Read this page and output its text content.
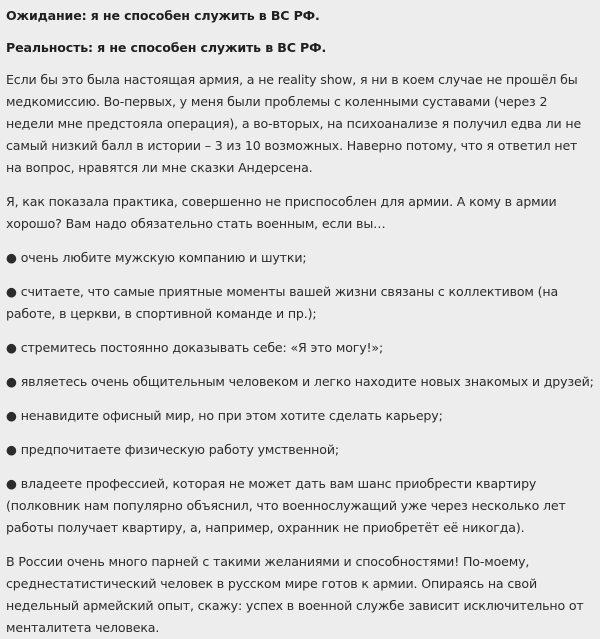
Ожидание: я не способен служить в ВС РФ.

Реальность: я не способен служить в ВС РФ.

Если бы это была настоящая армия, а не reality show, я ни в коем случае не прошёл бы медкомиссию. Во-первых, у меня были проблемы с коленными суставами (через 2 недели мне предстояла операция), а во-вторых, на психоанализе я получил едва ли не самый низкий балл в истории – 3 из 10 возможных. Наверно потому, что я ответил нет на вопрос, нравятся ли мне сказки Андерсена.

Я, как показала практика, совершенно не приспособлен для армии. А кому в армии хорошо? Вам надо обязательно стать военным, если вы…

● очень любите мужскую компанию и шутки;

● считаете, что самые приятные моменты вашей жизни связаны с коллективом (на работе, в церкви, в спортивной команде и пр.);

● стремитесь постоянно доказывать себе: «Я это могу!»;

● являетесь очень общительным человеком и легко находите новых знакомых и друзей;

● ненавидите офисный мир, но при этом хотите сделать карьеру;

● предпочитаете физическую работу умственной;

● владеете профессией, которая не может дать вам шанс приобрести квартиру (полковник нам популярно объяснил, что военнослужащий уже через несколько лет работы получает квартиру, а, например, охранник не приобретёт её никогда).

В России очень много парней с такими желаниями и способностями! По-моему, среднестатистический человек в русском мире готов к армии. Опираясь на свой недельный армейский опыт, скажу: успех в военной службе зависит исключительно от менталитета человека.
